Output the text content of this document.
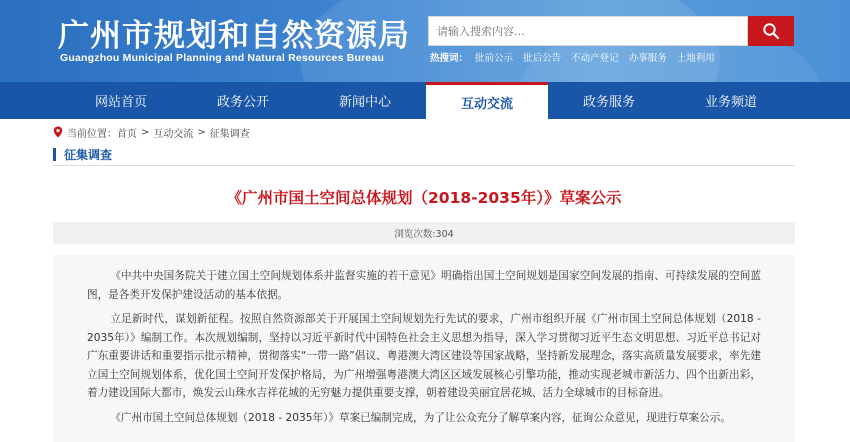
广州市规划和自然资源局
Guangzhou Municipal Planning and Natural Resources Bureau
请输入搜索内容...	热搜词： 批前公示 批后公告 不动产登记 办事服务 土地利用
网站首页	政务公开	新闻中心	互动交流	政务服务	业务频道
当前位置： 首页 > 互动交流 > 征集调查
征集调查
《广州市国土空间总体规划（2018-2035年）》草案公示
浏览次数:304

《中共中央国务院关于建立国土空间规划体系并监督实施的若干意见》明确指出国土空间规划是国家空间发展的指南、可持续发展的空间蓝图，是各类开发保护建设活动的基本依据。

立足新时代，谋划新征程。按照自然资源部关于开展国土空间规划先行先试的要求，广州市组织开展《广州市国土空间总体规划（2018 - 2035年）》编制工作。本次规划编制，坚持以习近平新时代中国特色社会主义思想为指导，深入学习贯彻习近平生态文明思想、习近平总书记对广东重要讲话和重要指示批示精神，贯彻落实“一带一路”倡议、粤港澳大湾区建设等国家战略，坚持新发展理念，落实高质量发展要求，率先建立国土空间规划体系，优化国土空间开发保护格局，为广州增强粤港澳大湾区区域发展核心引擎功能，推动实现老城市新活力、四个出新出彩，着力建设国际大都市，焕发云山珠水吉祥花城的无穷魅力提供重要支撑，朝着建设美丽宜居花城、活力全球城市的目标奋进。

《广州市国土空间总体规划（2018 - 2035年）》草案已编制完成，为了让公众充分了解草案内容，征询公众意见，现进行草案公示。
